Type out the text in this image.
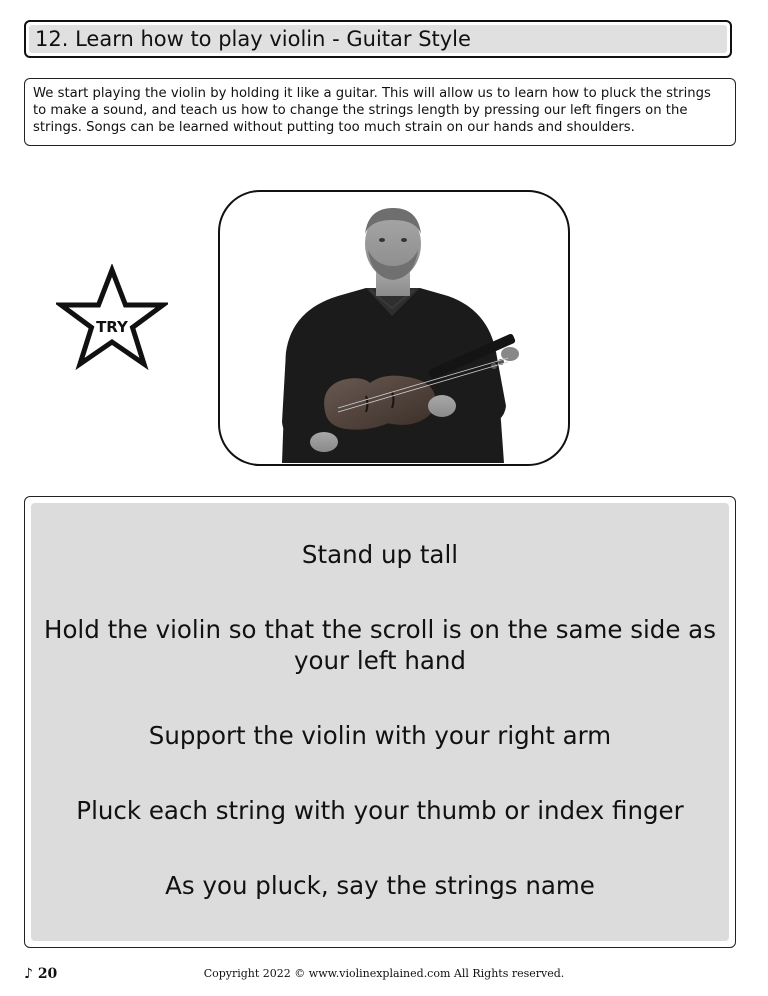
12. Learn how to play violin - Guitar Style
We start playing the violin by holding it like a guitar. This will allow us to learn how to pluck the strings to make a sound, and teach us how to change the strings length by pressing our left fingers on the strings. Songs can be learned without putting too much strain on our hands and shoulders.
TRY
Stand up tall
Hold the violin so that the scroll is on the same side as your left hand
Support the violin with your right arm
Pluck each string with your thumb or index finger
As you pluck, say the strings name
♪ 20	Copyright 2022 © www.violinexplained.com All Rights reserved.
